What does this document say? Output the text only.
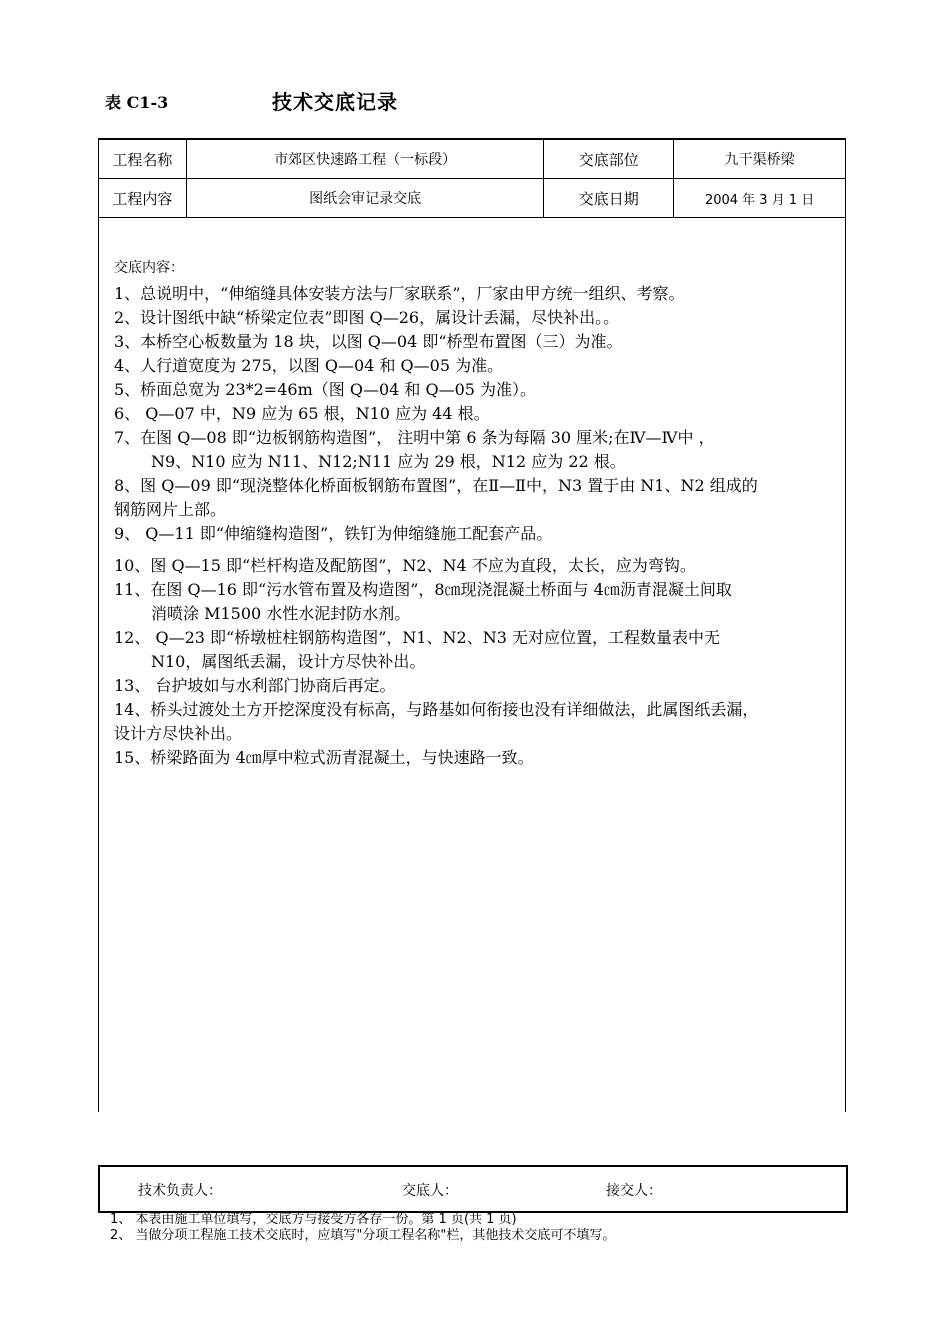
表 C1-3	技术交底记录
工程名称	市郊区快速路工程（一标段）	交底部位	九干渠桥梁
工程内容	图纸会审记录交底	交底日期	2004 年 3 月 1 日
交底内容：
1、总说明中，“伸缩缝具体安装方法与厂家联系”，厂家由甲方统一组织、考察。
2、设计图纸中缺“桥梁定位表”即图 Q—26，属设计丢漏，尽快补出。。
3、本桥空心板数量为 18 块，以图 Q—04 即“桥型布置图（三）为准。
4、人行道宽度为 275，以图 Q—04 和 Q—05 为准。
5、桥面总宽为 23*2=46m（图 Q—04 和 Q—05 为准）。
6、 Q—07 中，N9 应为 65 根，N10 应为 44 根。
7、在图 Q—08 即“边板钢筋构造图”， 注明中第 6 条为每隔 30 厘米;在Ⅳ—Ⅳ中 ，
N9、N10 应为 N11、N12;N11 应为 29 根，N12 应为 22 根。
8、图 Q—09 即“现浇整体化桥面板钢筋布置图”，在Ⅱ—Ⅱ中，N3 置于由 N1、N2 组成的
钢筋网片上部。
9、 Q—11 即“伸缩缝构造图”，铁钉为伸缩缝施工配套产品。
10、图 Q—15 即“栏杆构造及配筋图”，N2、N4 不应为直段，太长，应为弯钩。
11、在图 Q—16 即“污水管布置及构造图”，8㎝现浇混凝土桥面与 4㎝沥青混凝土间取
消喷涂 M1500 水性水泥封防水剂。
12、 Q—23 即“桥墩桩柱钢筋构造图”，N1、N2、N3 无对应位置，工程数量表中无
N10，属图纸丢漏，设计方尽快补出。
13、 台护坡如与水利部门协商后再定。
14、桥头过渡处土方开挖深度没有标高，与路基如何衔接也没有详细做法，此属图纸丢漏，
设计方尽快补出。
15、桥梁路面为 4㎝厚中粒式沥青混凝土，与快速路一致。
技术负责人：	交底人：	接交人：
1、 本表由施工单位填写，交底方与接受方各存一份。第 1 页(共 1 页)
2、 当做分项工程施工技术交底时，应填写"分项工程名称"栏，其他技术交底可不填写。
